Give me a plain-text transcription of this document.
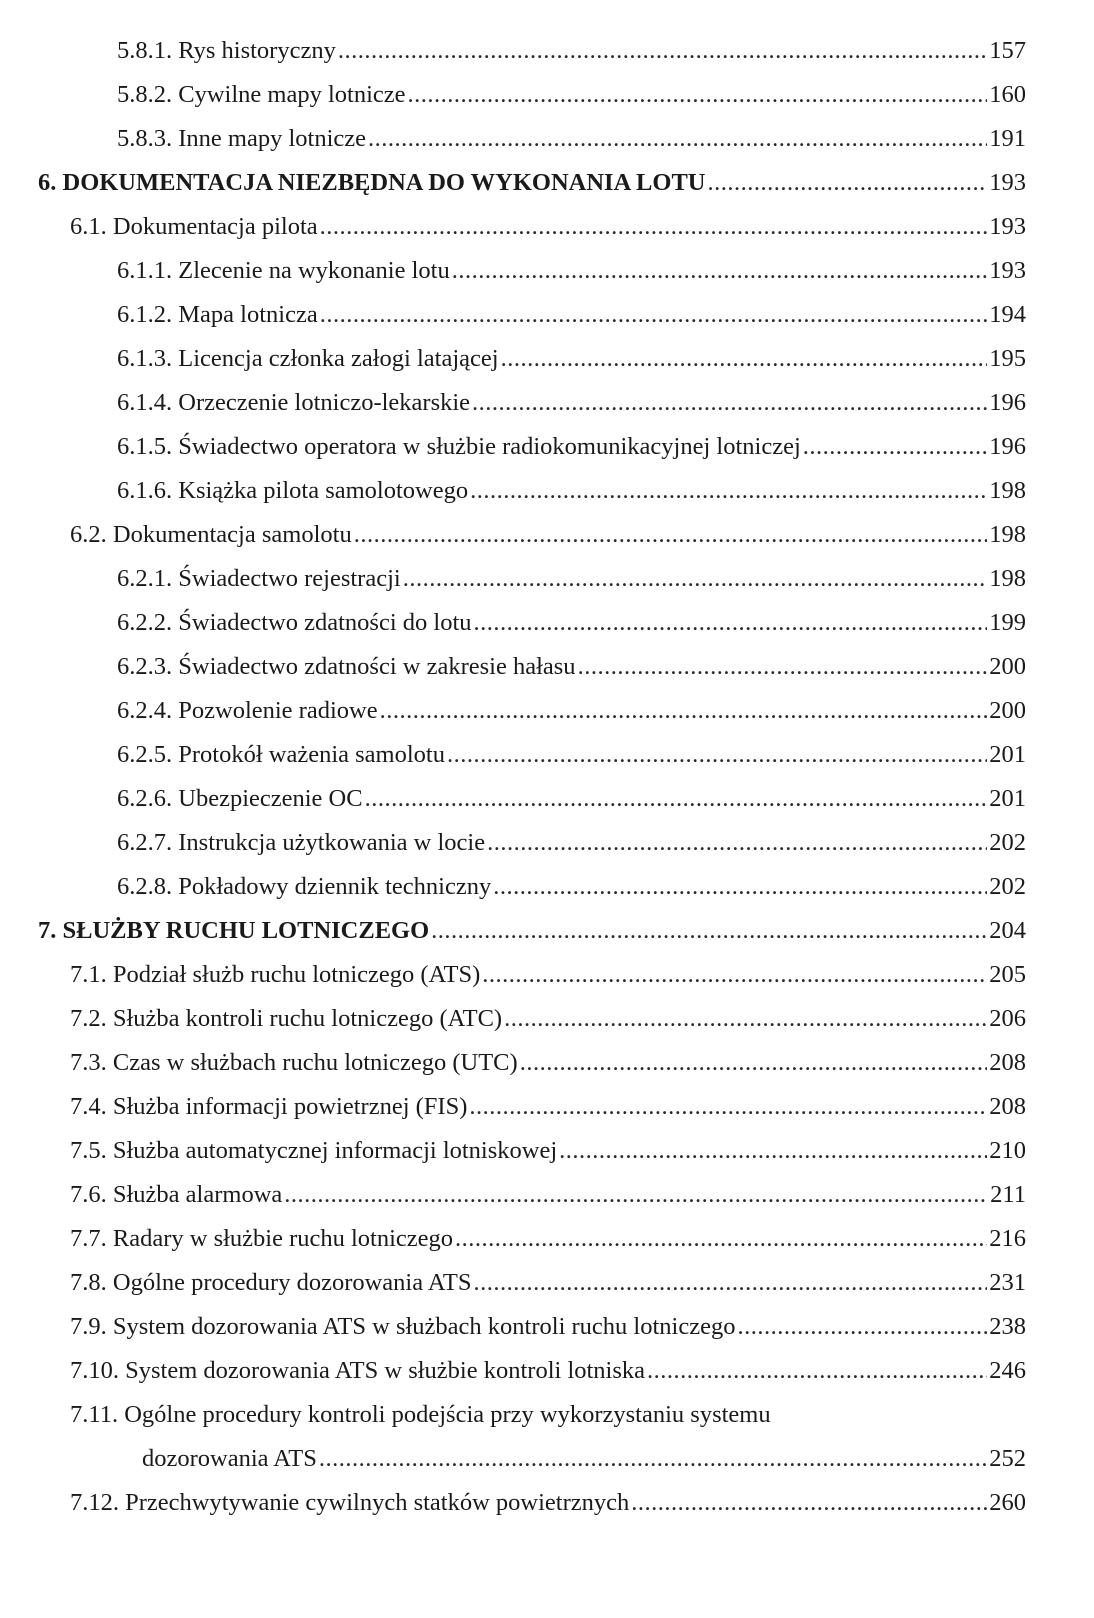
5.8.1. Rys historyczny .....	157
5.8.2. Cywilne mapy lotnicze .....	160
5.8.3. Inne mapy lotnicze .....	191
6. DOKUMENTACJA NIEZBĘDNA DO WYKONANIA LOTU .....	193
6.1. Dokumentacja pilota .....	193
6.1.1. Zlecenie na wykonanie lotu .....	193
6.1.2. Mapa lotnicza .....	194
6.1.3. Licencja członka załogi latającej .....	195
6.1.4. Orzeczenie lotniczo-lekarskie .....	196
6.1.5. Świadectwo operatora w służbie radiokomunikacyjnej lotniczej .....	196
6.1.6. Książka pilota samolotowego .....	198
6.2. Dokumentacja samolotu .....	198
6.2.1. Świadectwo rejestracji .....	198
6.2.2. Świadectwo zdatności do lotu .....	199
6.2.3. Świadectwo zdatności w zakresie hałasu .....	200
6.2.4. Pozwolenie radiowe .....	200
6.2.5. Protokół ważenia samolotu .....	201
6.2.6. Ubezpieczenie OC .....	201
6.2.7. Instrukcja użytkowania w locie .....	202
6.2.8. Pokładowy dziennik techniczny .....	202
7. SŁUŻBY RUCHU LOTNICZEGO .....	204
7.1. Podział służb ruchu lotniczego (ATS) .....	205
7.2. Służba kontroli ruchu lotniczego (ATC) .....	206
7.3. Czas w służbach ruchu lotniczego (UTC) .....	208
7.4. Służba informacji powietrznej (FIS) .....	208
7.5. Służba automatycznej informacji lotniskowej .....	210
7.6. Służba alarmowa .....	211
7.7. Radary w służbie ruchu lotniczego .....	216
7.8. Ogólne procedury dozorowania ATS .....	231
7.9. System dozorowania ATS w służbach kontroli ruchu lotniczego .....	238
7.10. System dozorowania ATS w służbie kontroli lotniska .....	246
7.11. Ogólne procedury kontroli podejścia przy wykorzystaniu systemu
dozorowania ATS .....	252
7.12. Przechwytywanie cywilnych statków powietrznych .....	260
